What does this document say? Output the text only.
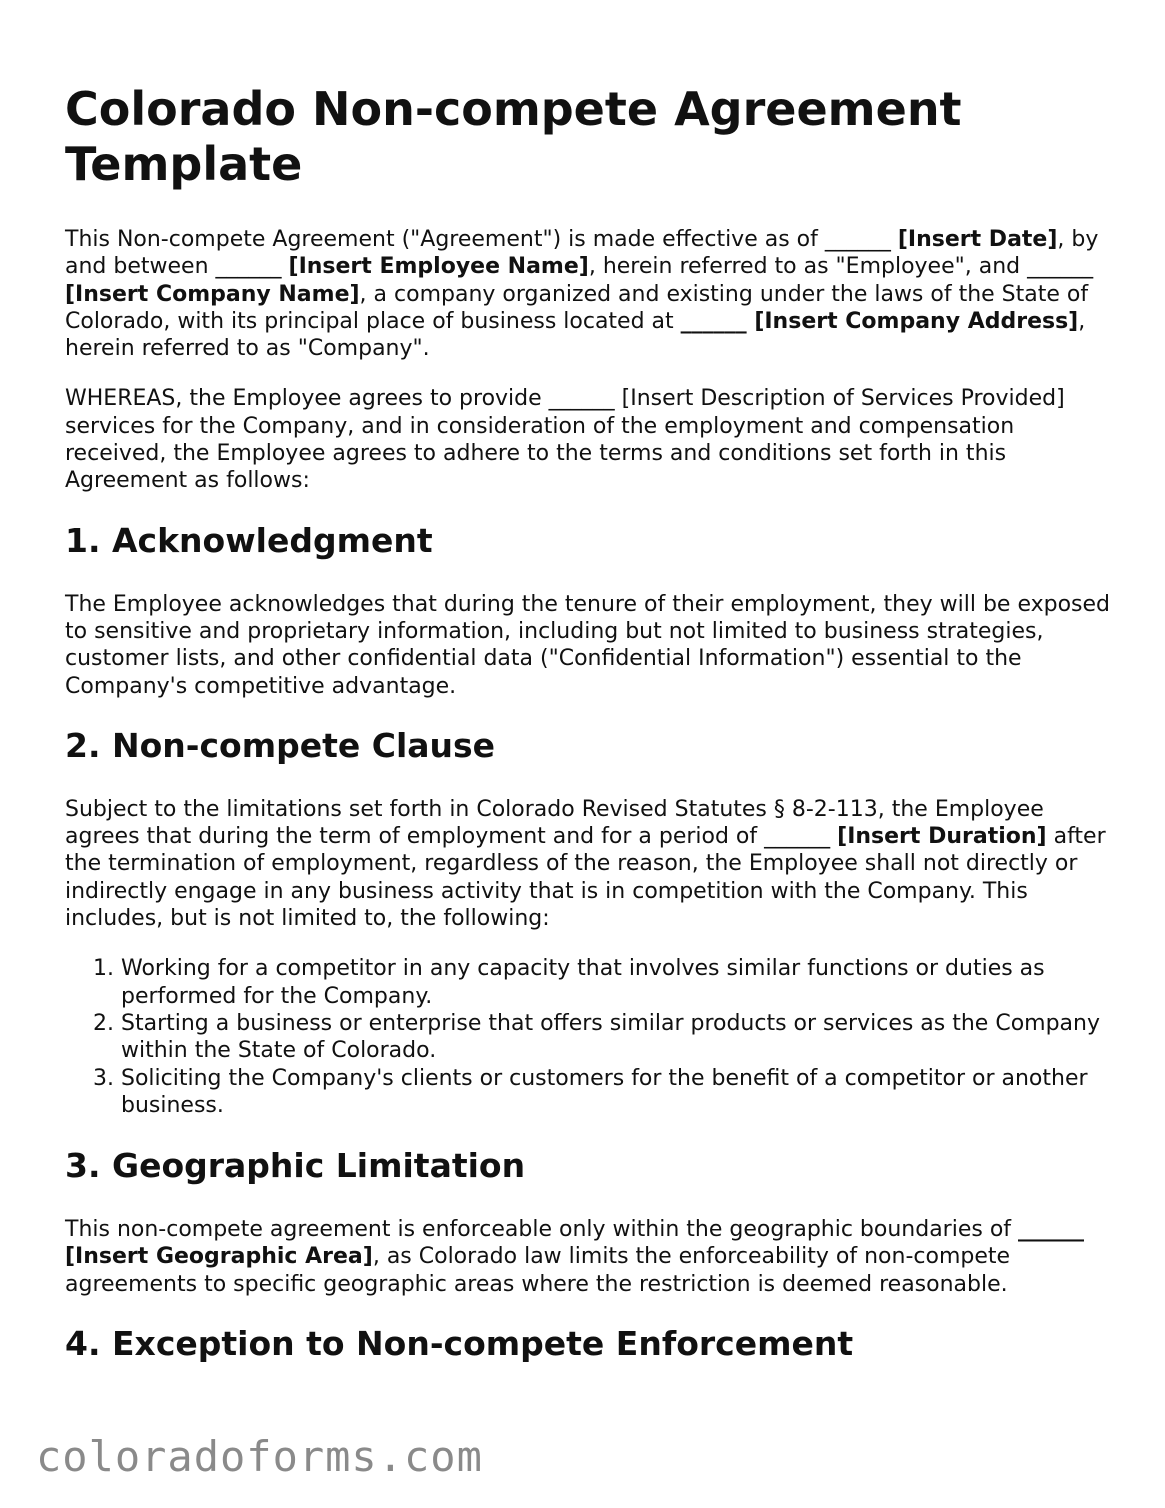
Colorado Non-compete Agreement Template

This Non-compete Agreement ("Agreement") is made effective as of ______ [Insert Date], by and between ______ [Insert Employee Name], herein referred to as "Employee", and ______ [Insert Company Name], a company organized and existing under the laws of the State of Colorado, with its principal place of business located at ______ [Insert Company Address], herein referred to as "Company".

WHEREAS, the Employee agrees to provide ______ [Insert Description of Services Provided] services for the Company, and in consideration of the employment and compensation received, the Employee agrees to adhere to the terms and conditions set forth in this Agreement as follows:

1. Acknowledgment

The Employee acknowledges that during the tenure of their employment, they will be exposed to sensitive and proprietary information, including but not limited to business strategies, customer lists, and other confidential data ("Confidential Information") essential to the Company's competitive advantage.

2. Non-compete Clause

Subject to the limitations set forth in Colorado Revised Statutes § 8-2-113, the Employee agrees that during the term of employment and for a period of ______ [Insert Duration] after the termination of employment, regardless of the reason, the Employee shall not directly or indirectly engage in any business activity that is in competition with the Company. This includes, but is not limited to, the following:

1. Working for a competitor in any capacity that involves similar functions or duties as performed for the Company.
2. Starting a business or enterprise that offers similar products or services as the Company within the State of Colorado.
3. Soliciting the Company's clients or customers for the benefit of a competitor or another business.
3. Geographic Limitation

This non-compete agreement is enforceable only within the geographic boundaries of ______ [Insert Geographic Area], as Colorado law limits the enforceability of non-compete agreements to specific geographic areas where the restriction is deemed reasonable.

4. Exception to Non-compete Enforcement
coloradoforms.com
